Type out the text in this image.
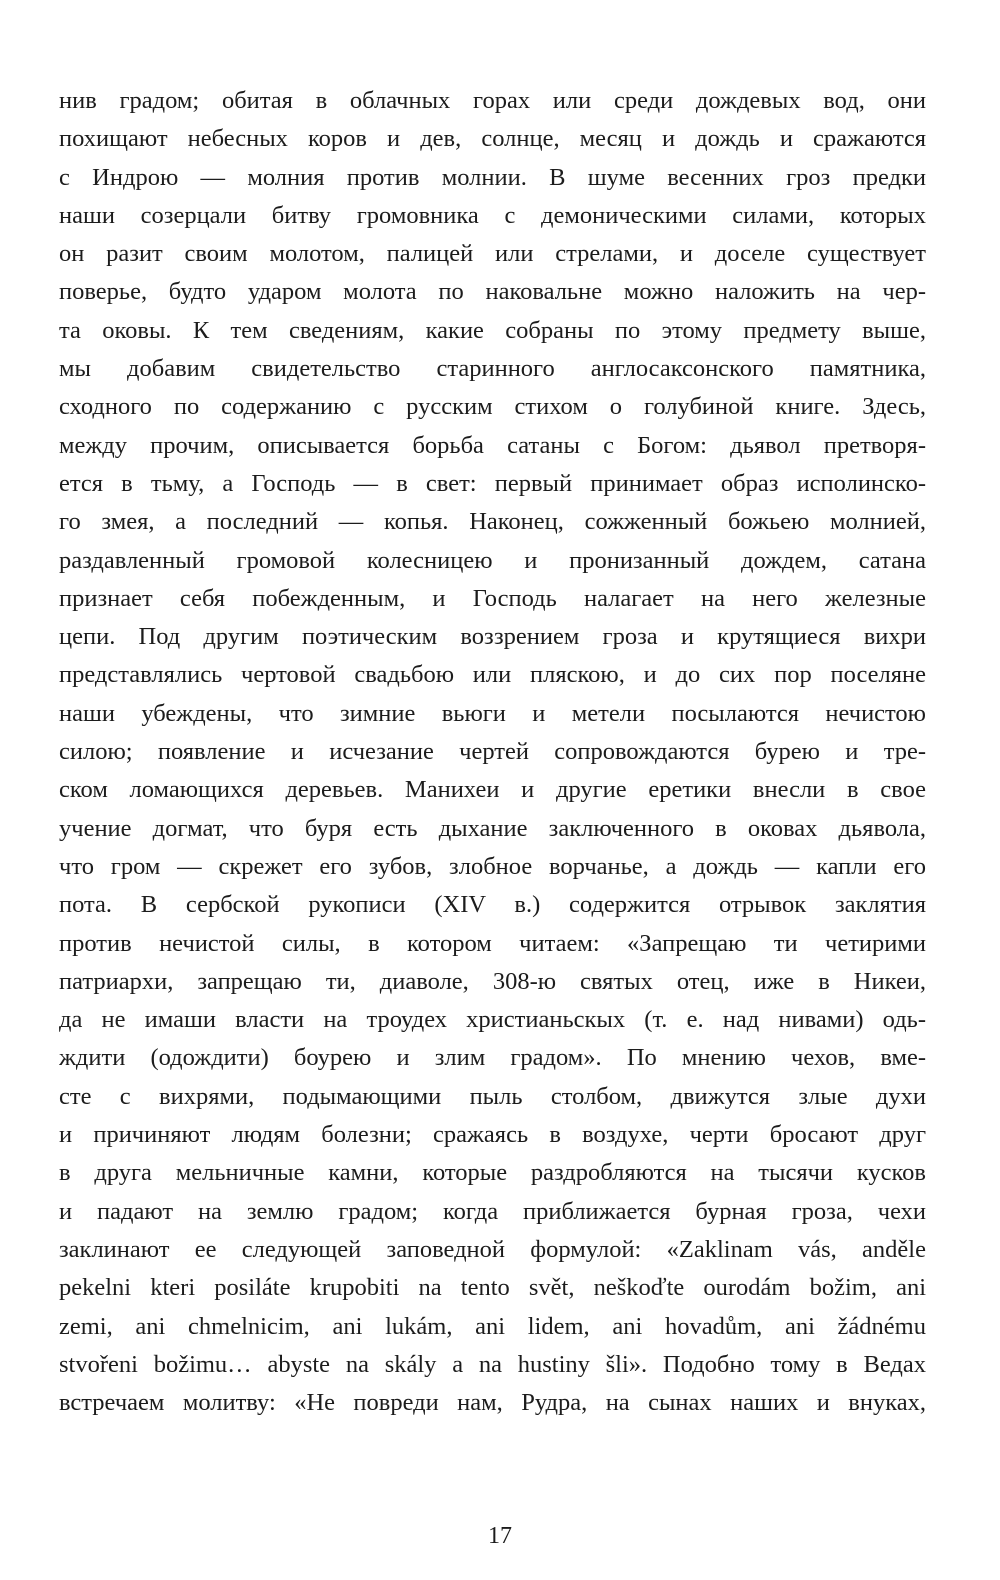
нив градом; обитая в облачных горах или среди дождевых вод, они
похищают небесных коров и дев, солнце, месяц и дождь и сражаются
с Индрою — молния против молнии. В шуме весенних гроз предки
наши созерцали битву громовника с демоническими силами, которых
он разит своим молотом, палицей или стрелами, и доселе существует
поверье, будто ударом молота по наковальне можно наложить на чер-
та оковы. К тем сведениям, какие собраны по этому предмету выше,
мы добавим свидетельство старинного англосаксонского памятника,
сходного по содержанию с русским стихом о голубиной книге. Здесь,
между прочим, описывается борьба сатаны с Богом: дьявол претворя-
ется в тьму, а Господь — в свет: первый принимает образ исполинско-
го змея, а последний — копья. Наконец, сожженный божьею молнией,
раздавленный громовой колесницею и пронизанный дождем, сатана
признает себя побежденным, и Господь налагает на него железные
цепи. Под другим поэтическим воззрением гроза и крутящиеся вихри
представлялись чертовой свадьбою или пляскою, и до сих пор поселяне
наши убеждены, что зимние вьюги и метели посылаются нечистою
силою; появление и исчезание чертей сопровождаются бурею и тре-
ском ломающихся деревьев. Манихеи и другие еретики внесли в свое
учение догмат, что буря есть дыхание заключенного в оковах дьявола,
что гром — скрежет его зубов, злобное ворчанье, а дождь — капли его
пота. В сербской рукописи (XIV в.) содержится отрывок заклятия
против нечистой силы, в котором читаем: «Запрещаю ти четирими
патриархи, запрещаю ти, диаволе, 308-ю святых отец, иже в Никеи,
да не имаши власти на троудех христианьскых (т. е. над нивами) одь-
ждити (одождити) боурею и злим градом». По мнению чехов, вме-
сте с вихрями, подымающими пыль столбом, движутся злые духи
и причиняют людям болезни; сражаясь в воздухе, черти бросают друг
в друга мельничные камни, которые раздробляются на тысячи кусков
и падают на землю градом; когда приближается бурная гроза, чехи
заклинают ее следующей заповедной формулой: «Zaklinam vás, anděle
pekelni kteri posiláte krupobiti na tento svět, neškoďte ourodám božim, ani
zemi, ani chmelnicim, ani lukám, ani lidem, ani hovadům, ani žádnému
stvořeni božimu… abyste na skály a na hustiny šli». Подобно тому в Ведах
встречаем молитву: «Не повреди нам, Рудра, на сынах наших и внуках,
17
